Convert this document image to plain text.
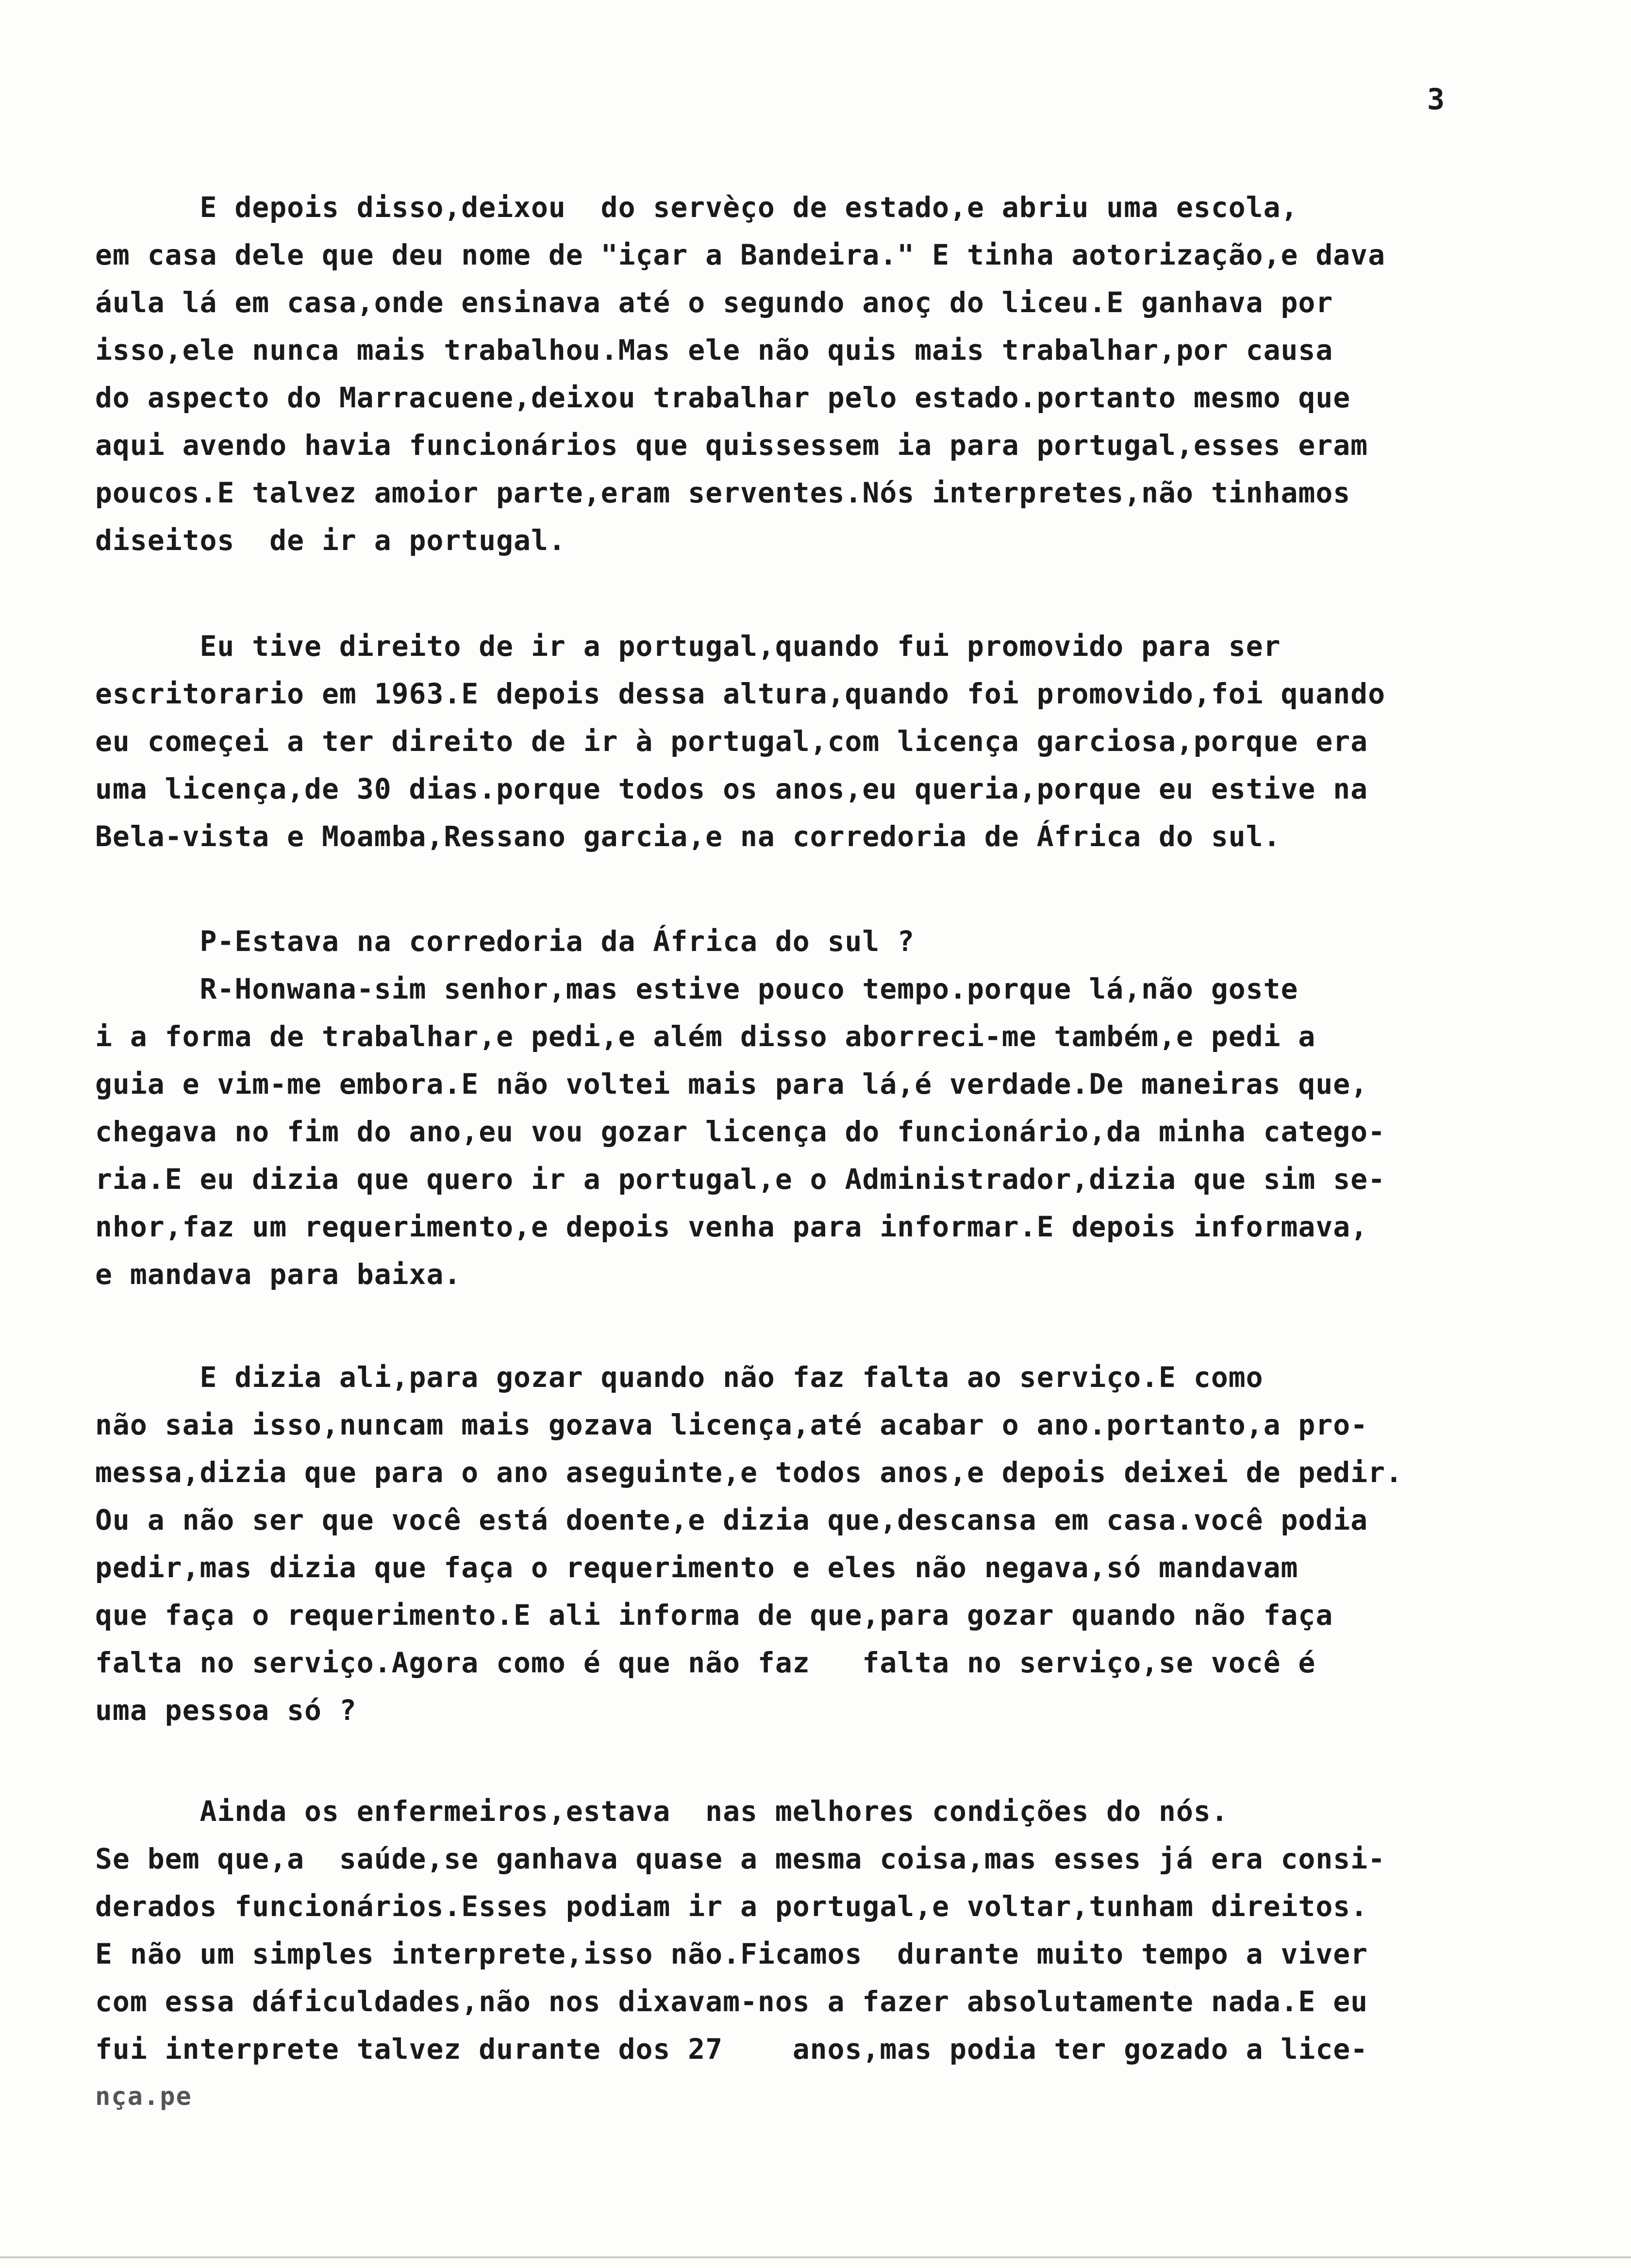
3
E depois disso,deixou  do servèço de estado,e abriu uma escola,
em casa dele que deu nome de "içar a Bandeira." E tinha aotorização,e dava
áula lá em casa,onde ensinava até o segundo anoç do liceu.E ganhava por
isso,ele nunca mais trabalhou.Mas ele não quis mais trabalhar,por causa
do aspecto do Marracuene,deixou trabalhar pelo estado.portanto mesmo que
aqui avendo havia funcionários que quissessem ia para portugal,esses eram
poucos.E talvez amoior parte,eram serventes.Nós interpretes,não tinhamos
diseitos  de ir a portugal.
Eu tive direito de ir a portugal,quando fui promovido para ser
escritorario em 1963.E depois dessa altura,quando foi promovido,foi quando
eu começei a ter direito de ir à portugal,com licença garciosa,porque era
uma licença,de 30 dias.porque todos os anos,eu queria,porque eu estive na
Bela-vista e Moamba,Ressano garcia,e na corredoria de África do sul.
P-Estava na corredoria da África do sul ?
R-Honwana-sim senhor,mas estive pouco tempo.porque lá,não goste
i a forma de trabalhar,e pedi,e além disso aborreci-me também,e pedi a
guia e vim-me embora.E não voltei mais para lá,é verdade.De maneiras que,
chegava no fim do ano,eu vou gozar licença do funcionário,da minha catego-
ria.E eu dizia que quero ir a portugal,e o Administrador,dizia que sim se-
nhor,faz um requerimento,e depois venha para informar.E depois informava,
e mandava para baixa.
E dizia ali,para gozar quando não faz falta ao serviço.E como
não saia isso,nuncam mais gozava licença,até acabar o ano.portanto,a pro-
messa,dizia que para o ano aseguinte,e todos anos,e depois deixei de pedir.
Ou a não ser que você está doente,e dizia que,descansa em casa.você podia
pedir,mas dizia que faça o requerimento e eles não negava,só mandavam
que faça o requerimento.E ali informa de que,para gozar quando não faça
falta no serviço.Agora como é que não faz   falta no serviço,se você é
uma pessoa só ?
Ainda os enfermeiros,estava  nas melhores condições do nós.
Se bem que,a  saúde,se ganhava quase a mesma coisa,mas esses já era consi-
derados funcionários.Esses podiam ir a portugal,e voltar,tunham direitos.
E não um simples interprete,isso não.Ficamos  durante muito tempo a viver
com essa dáficuldades,não nos dixavam-nos a fazer absolutamente nada.E eu
fui interprete talvez durante dos 27    anos,mas podia ter gozado a lice-
nça.pe
